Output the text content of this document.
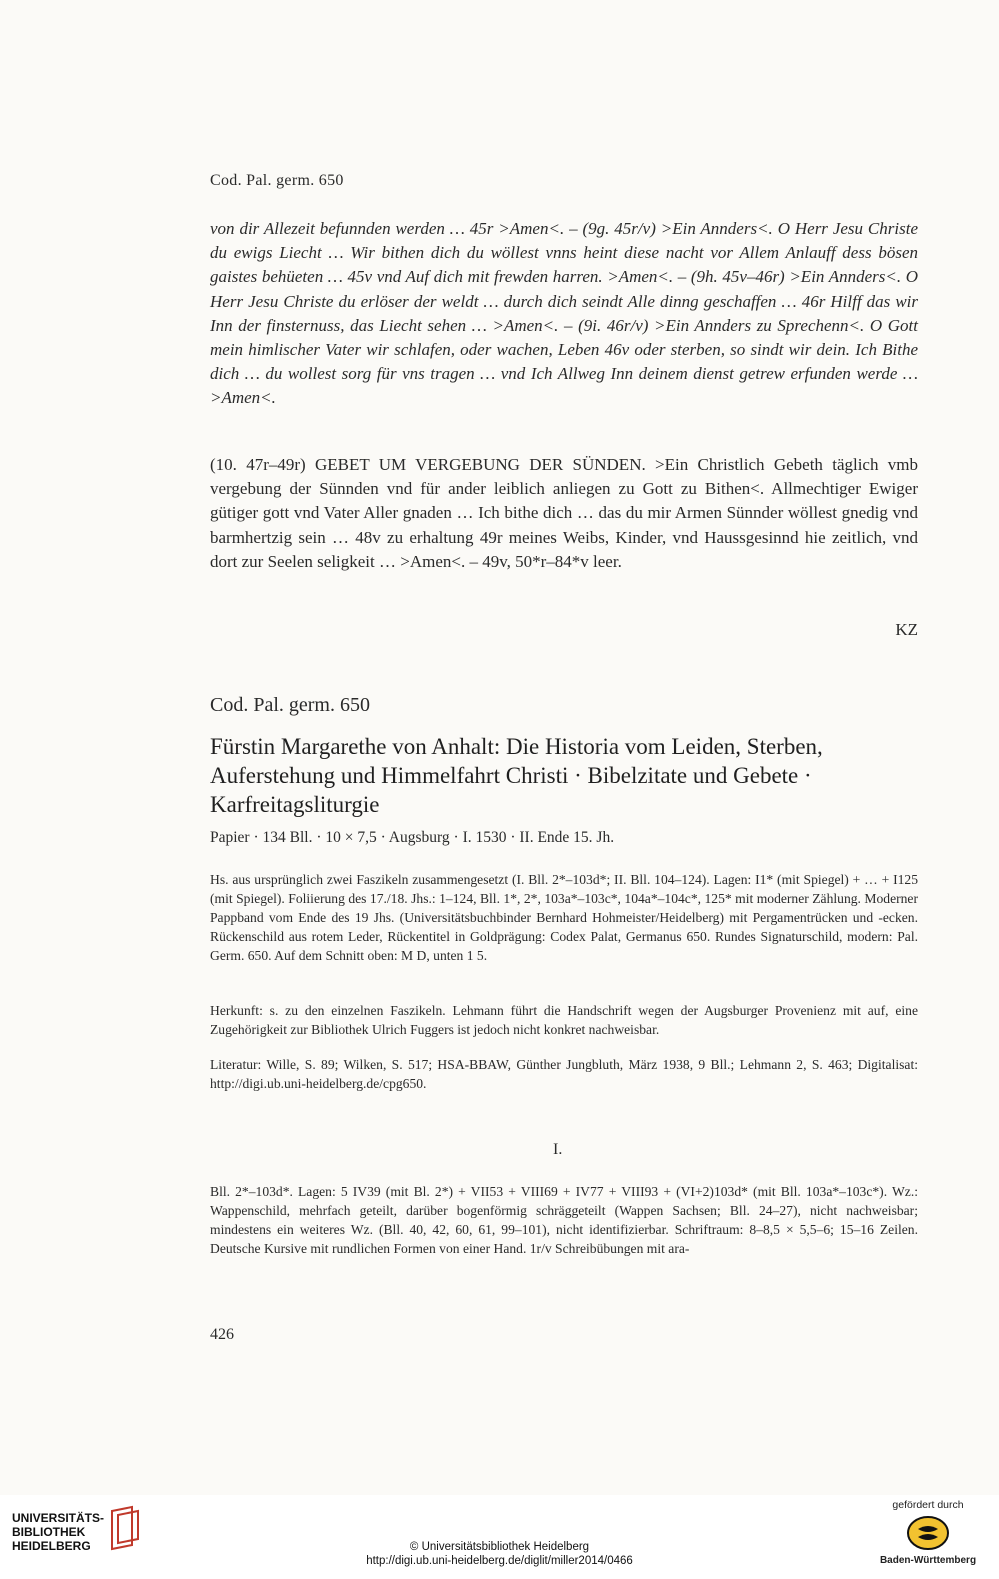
Cod. Pal. germ. 650
von dir Allezeit befunnden werden … 45r >Amen<. – (9g. 45r/v) >Ein Annders<. O Herr Jesu Christe du ewigs Liecht … Wir bithen dich du wöllest vnns heint diese nacht vor Allem Anlauff dess bösen gaistes behüeten … 45v vnd Auf dich mit frewden harren. >Amen<. – (9h. 45v–46r) >Ein Annders<. O Herr Jesu Christe du erlöser der weldt … durch dich seindt Alle dinng geschaffen … 46r Hilff das wir Inn der finsternuss, das Liecht sehen … >Amen<. – (9i. 46r/v) >Ein Annders zu Sprechenn<. O Gott mein himlischer Vater wir schlafen, oder wachen, Leben 46v oder sterben, so sindt wir dein. Ich Bithe dich … du wollest sorg für vns tragen … vnd Ich Allweg Inn deinem dienst getrew erfunden werde … >Amen<.
(10. 47r–49r) GEBET UM VERGEBUNG DER SÜNDEN. >Ein Christlich Gebeth täglich vmb vergebung der Sünnden vnd für ander leiblich anliegen zu Gott zu Bithen<. Allmechtiger Ewiger gütiger gott vnd Vater Aller gnaden … Ich bithe dich … das du mir Armen Sünnder wöllest gnedig vnd barmhertzig sein … 48v zu erhaltung 49r meines Weibs, Kinder, vnd Haussgesinnd hie zeitlich, vnd dort zur Seelen seligkeit … >Amen<. – 49v, 50*r–84*v leer.
KZ
Cod. Pal. germ. 650
Fürstin Margarethe von Anhalt: Die Historia vom Leiden, Sterben, Auferstehung und Himmelfahrt Christi · Bibelzitate und Gebete · Karfreitagsliturgie
Papier · 134 Bll. · 10 × 7,5 · Augsburg · I. 1530 · II. Ende 15. Jh.
Hs. aus ursprünglich zwei Faszikeln zusammengesetzt (I. Bll. 2*–103d*; II. Bll. 104–124). Lagen: I1* (mit Spiegel) + … + I125 (mit Spiegel). Foliierung des 17./18. Jhs.: 1–124, Bll. 1*, 2*, 103a*–103c*, 104a*–104c*, 125* mit moderner Zählung. Moderner Pappband vom Ende des 19 Jhs. (Universitätsbuchbinder Bernhard Hohmeister/Heidelberg) mit Pergamentrücken und -ecken. Rückenschild aus rotem Leder, Rückentitel in Goldprägung: Codex Palat, Germanus 650. Rundes Signaturschild, modern: Pal. Germ. 650. Auf dem Schnitt oben: M D, unten 1 5.
Herkunft: s. zu den einzelnen Faszikeln. Lehmann führt die Handschrift wegen der Augsburger Provenienz mit auf, eine Zugehörigkeit zur Bibliothek Ulrich Fuggers ist jedoch nicht konkret nachweisbar.
Literatur: Wille, S. 89; Wilken, S. 517; HSA-BBAW, Günther Jungbluth, März 1938, 9 Bll.; Lehmann 2, S. 463; Digitalisat: http://digi.ub.uni-heidelberg.de/cpg650.
I.
Bll. 2*–103d*. Lagen: 5 IV39 (mit Bl. 2*) + VII53 + VIII69 + IV77 + VIII93 + (VI+2)103d* (mit Bll. 103a*–103c*). Wz.: Wappenschild, mehrfach geteilt, darüber bogenförmig schräggeteilt (Wappen Sachsen; Bll. 24–27), nicht nachweisbar; mindestens ein weiteres Wz. (Bll. 40, 42, 60, 61, 99–101), nicht identifizierbar. Schriftraum: 8–8,5 × 5,5–6; 15–16 Zeilen. Deutsche Kursive mit rundlichen Formen von einer Hand. 1r/v Schreibübungen mit ara-
426
UNIVERSITÄTS-
BIBLIOTHEK
HEIDELBERG	© Universitätsbibliothek Heidelberg
http://digi.ub.uni-heidelberg.de/diglit/miller2014/0466
gefördert durch
Baden-Württemberg
